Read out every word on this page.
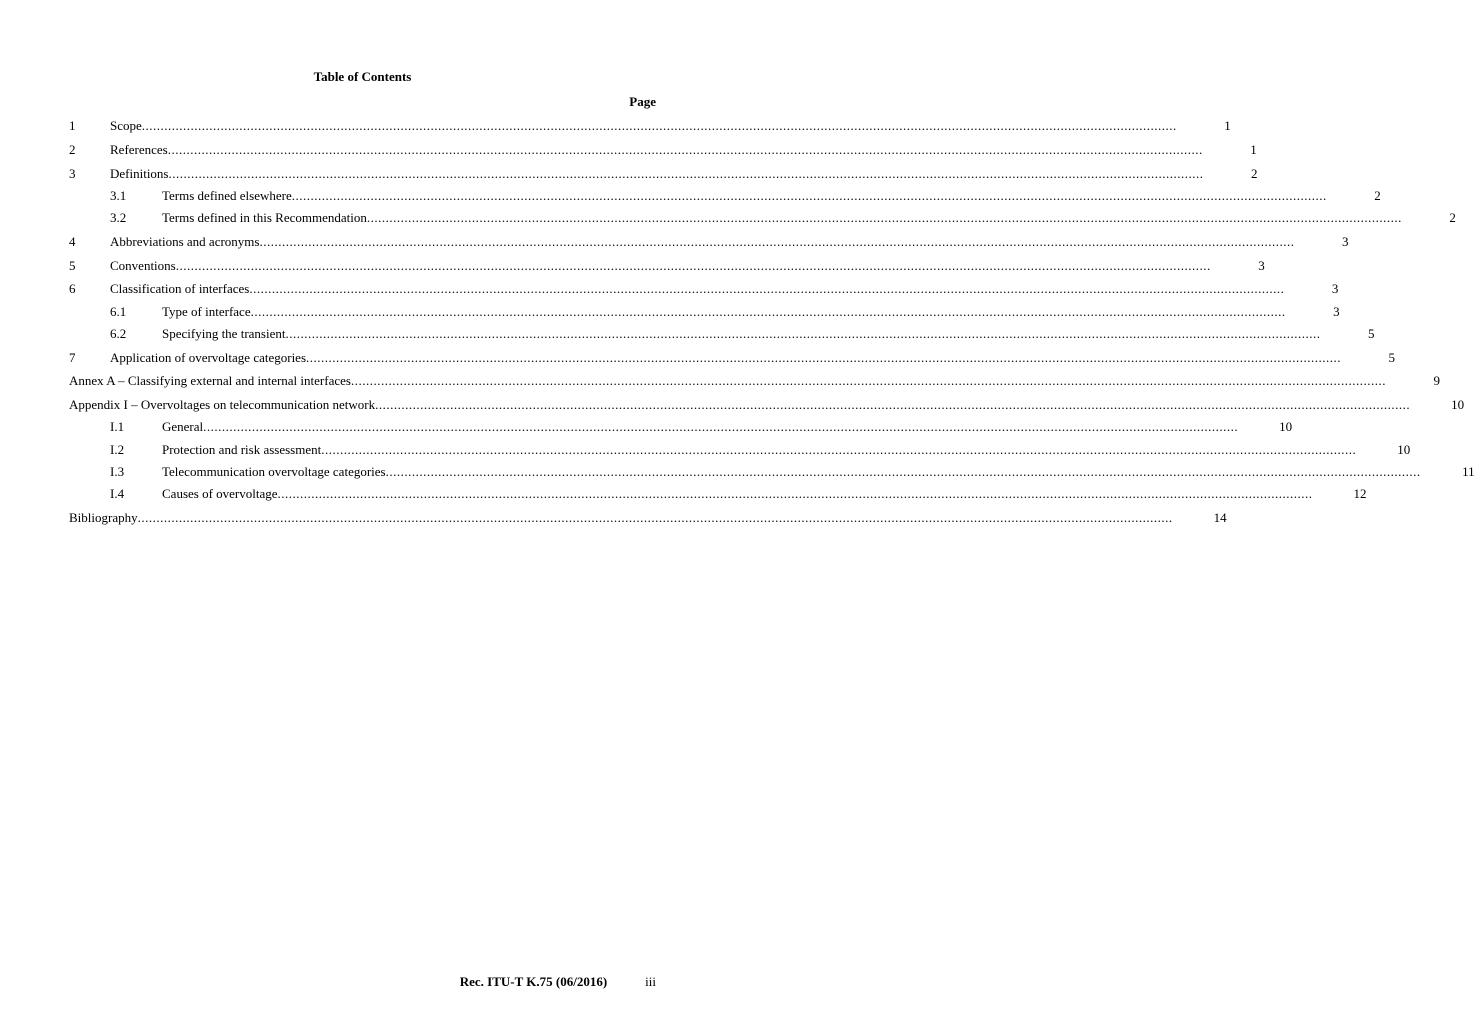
Table of Contents
Page
1	Scope .....	1
2	References .....	1
3	Definitions .....	2
3.1	Terms defined elsewhere .....	2
3.2	Terms defined in this Recommendation .....	2
4	Abbreviations and acronyms .....	3
5	Conventions .....	3
6	Classification of interfaces .....	3
6.1	Type of interface .....	3
6.2	Specifying the transient .....	5
7	Application of overvoltage categories .....	5
Annex A – Classifying external and internal interfaces .....	9
Appendix I – Overvoltages on telecommunication network .....	10
I.1	General .....	10
I.2	Protection and risk assessment .....	10
I.3	Telecommunication overvoltage categories .....	11
I.4	Causes of overvoltage .....	12
Bibliography .....	14
Rec. ITU-T K.75 (06/2016)	iii
